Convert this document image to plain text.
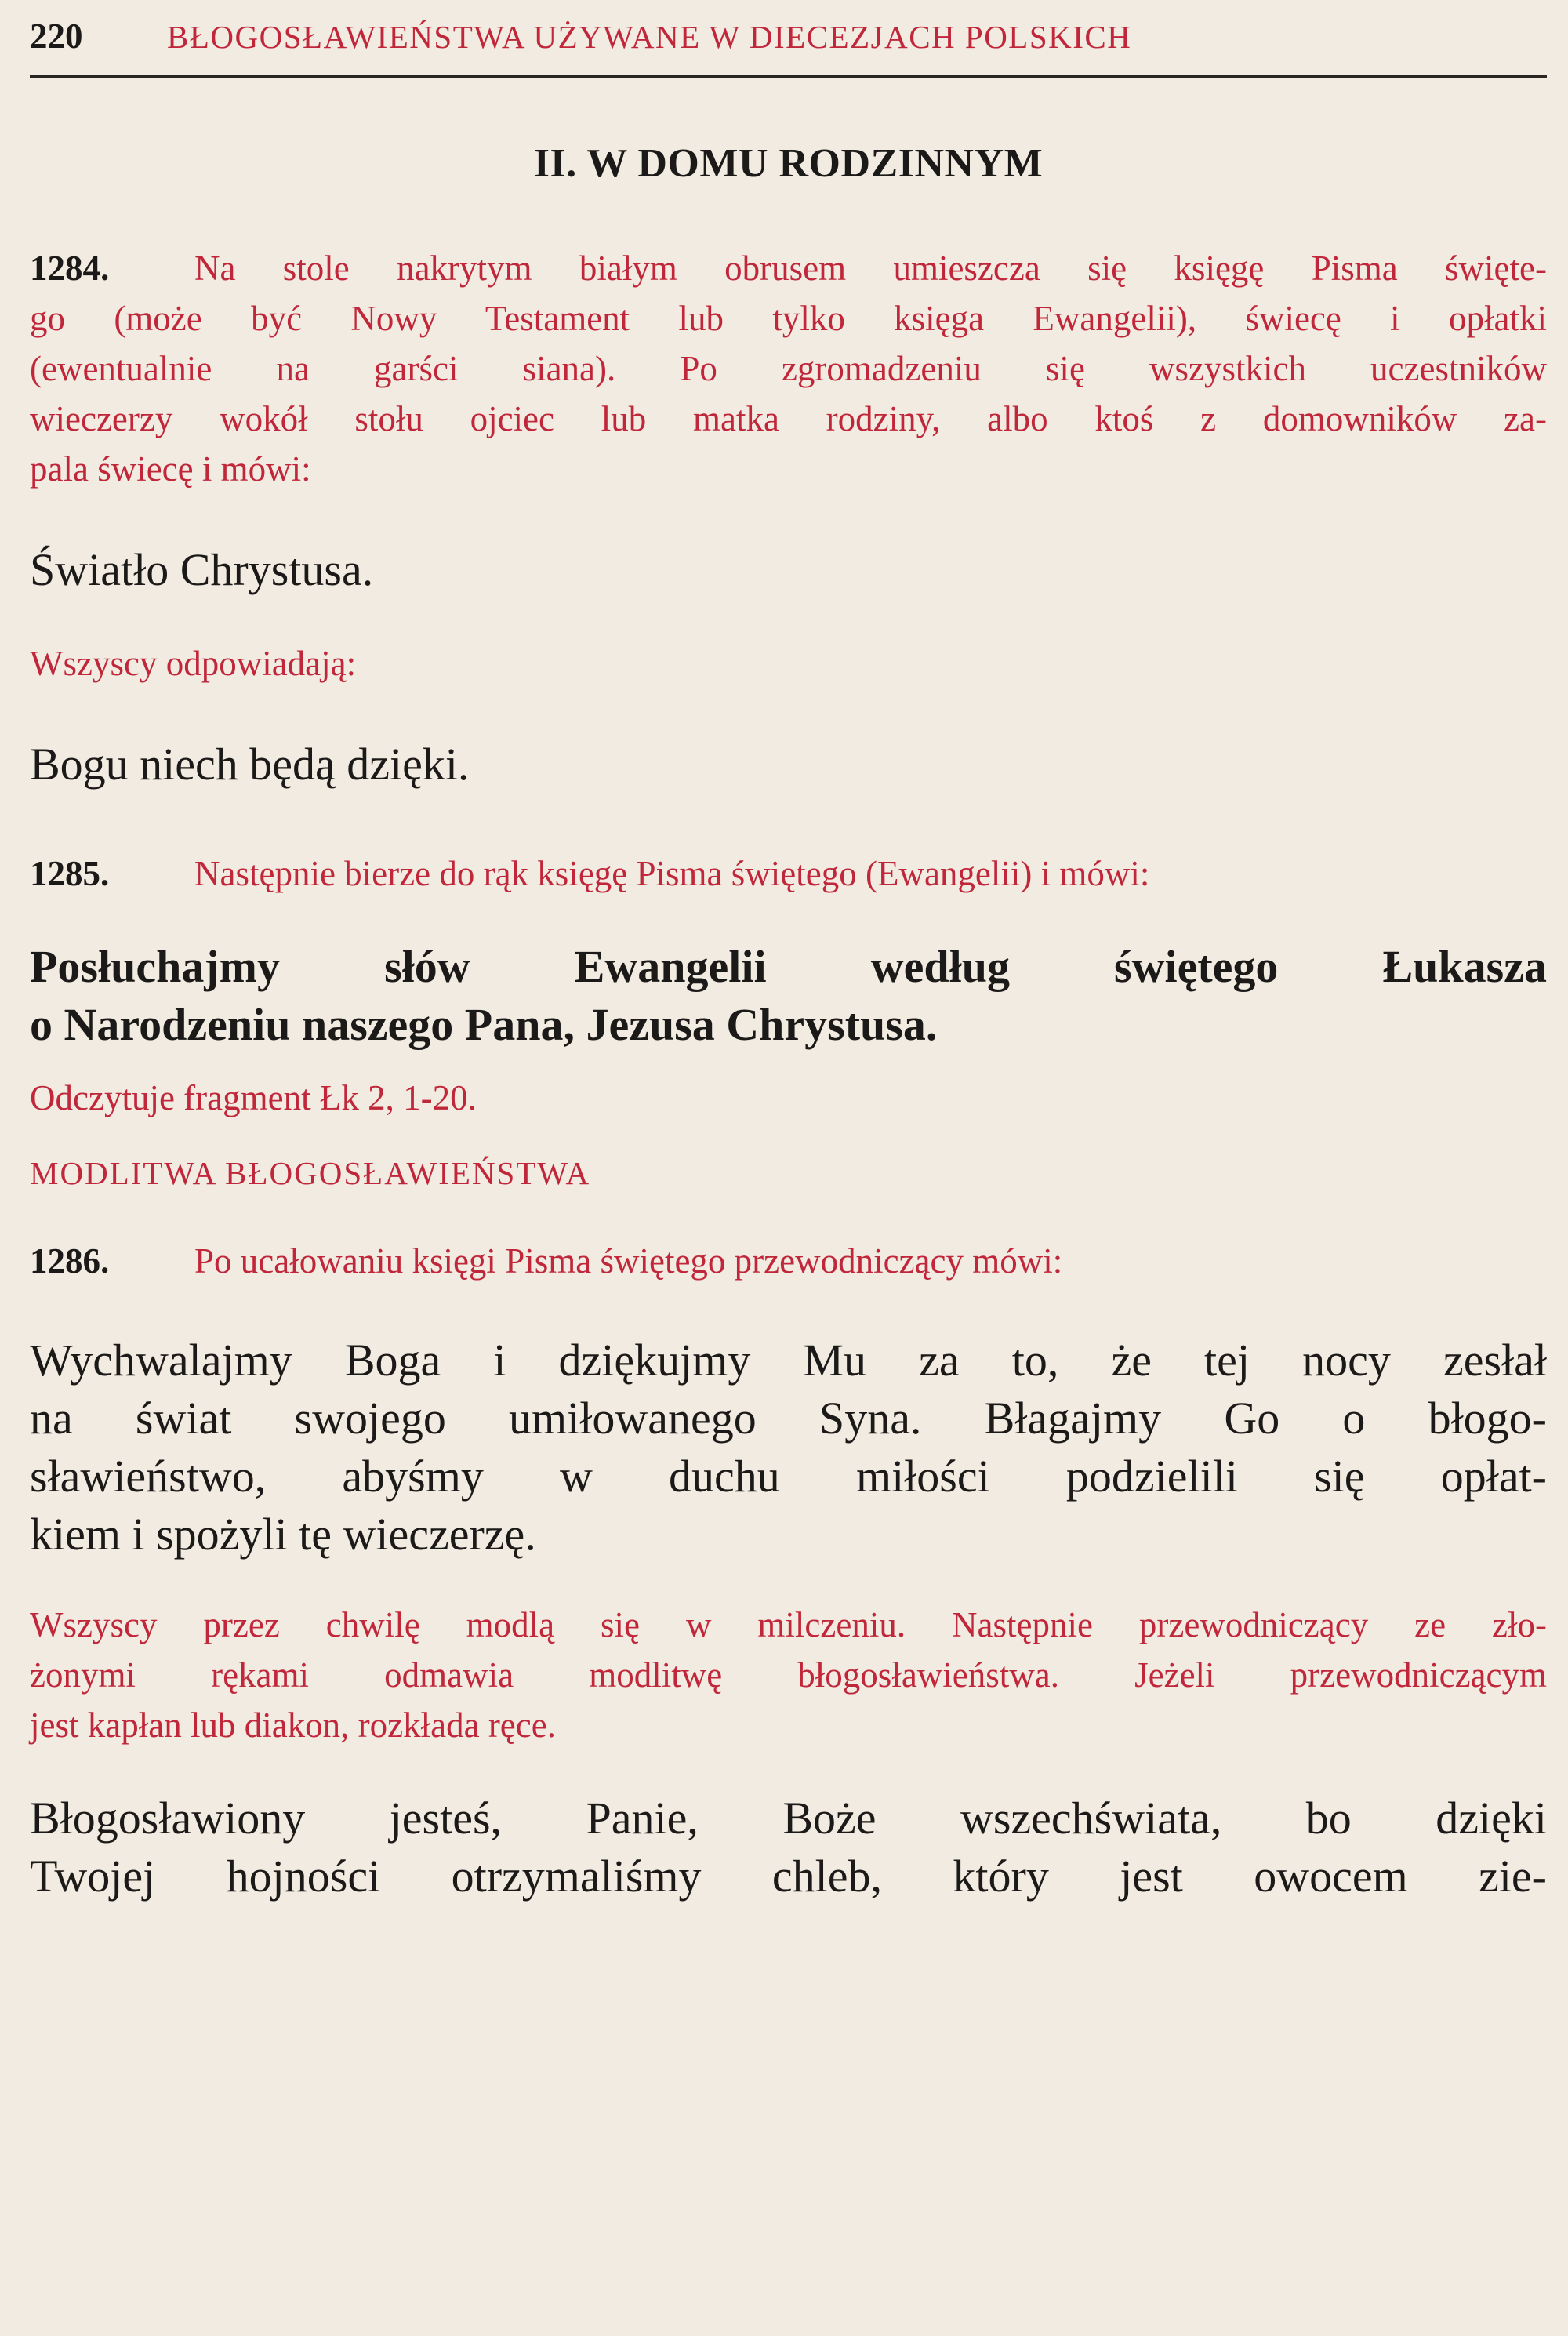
220	BŁOGOSŁAWIEŃSTWA UŻYWANE W DIECEZJACH POLSKICH
II. W DOMU RODZINNYM
1284. Na stole nakrytym białym obrusem umieszcza się księgę Pisma święte-
go (może być Nowy Testament lub tylko księga Ewangelii), świecę i opłatki
(ewentualnie na garści siana). Po zgromadzeniu się wszystkich uczestników
wieczerzy wokół stołu ojciec lub matka rodziny, albo ktoś z domowników za-
pala świecę i mówi:

Światło Chrystusa.

Wszyscy odpowiadają:

Bogu niech będą dzięki.

1285. Następnie bierze do rąk księgę Pisma świętego (Ewangelii) i mówi:

Posłuchajmy słów Ewangelii według świętego Łukasza
o Narodzeniu naszego Pana, Jezusa Chrystusa.

Odczytuje fragment Łk 2, 1-20.

MODLITWA BŁOGOSŁAWIEŃSTWA

1286. Po ucałowaniu księgi Pisma świętego przewodniczący mówi:

Wychwalajmy Boga i dziękujmy Mu za to, że tej nocy zesłał
na świat swojego umiłowanego Syna. Błagajmy Go o błogo-
sławieństwo, abyśmy w duchu miłości podzielili się opłat-
kiem i spożyli tę wieczerzę.
Wszyscy przez chwilę modlą się w milczeniu. Następnie przewodniczący ze zło-
żonymi rękami odmawia modlitwę błogosławieństwa. Jeżeli przewodniczącym
jest kapłan lub diakon, rozkłada ręce.
Błogosławiony jesteś, Panie, Boże wszechświata, bo dzięki
Twojej hojności otrzymaliśmy chleb, który jest owocem zie-
